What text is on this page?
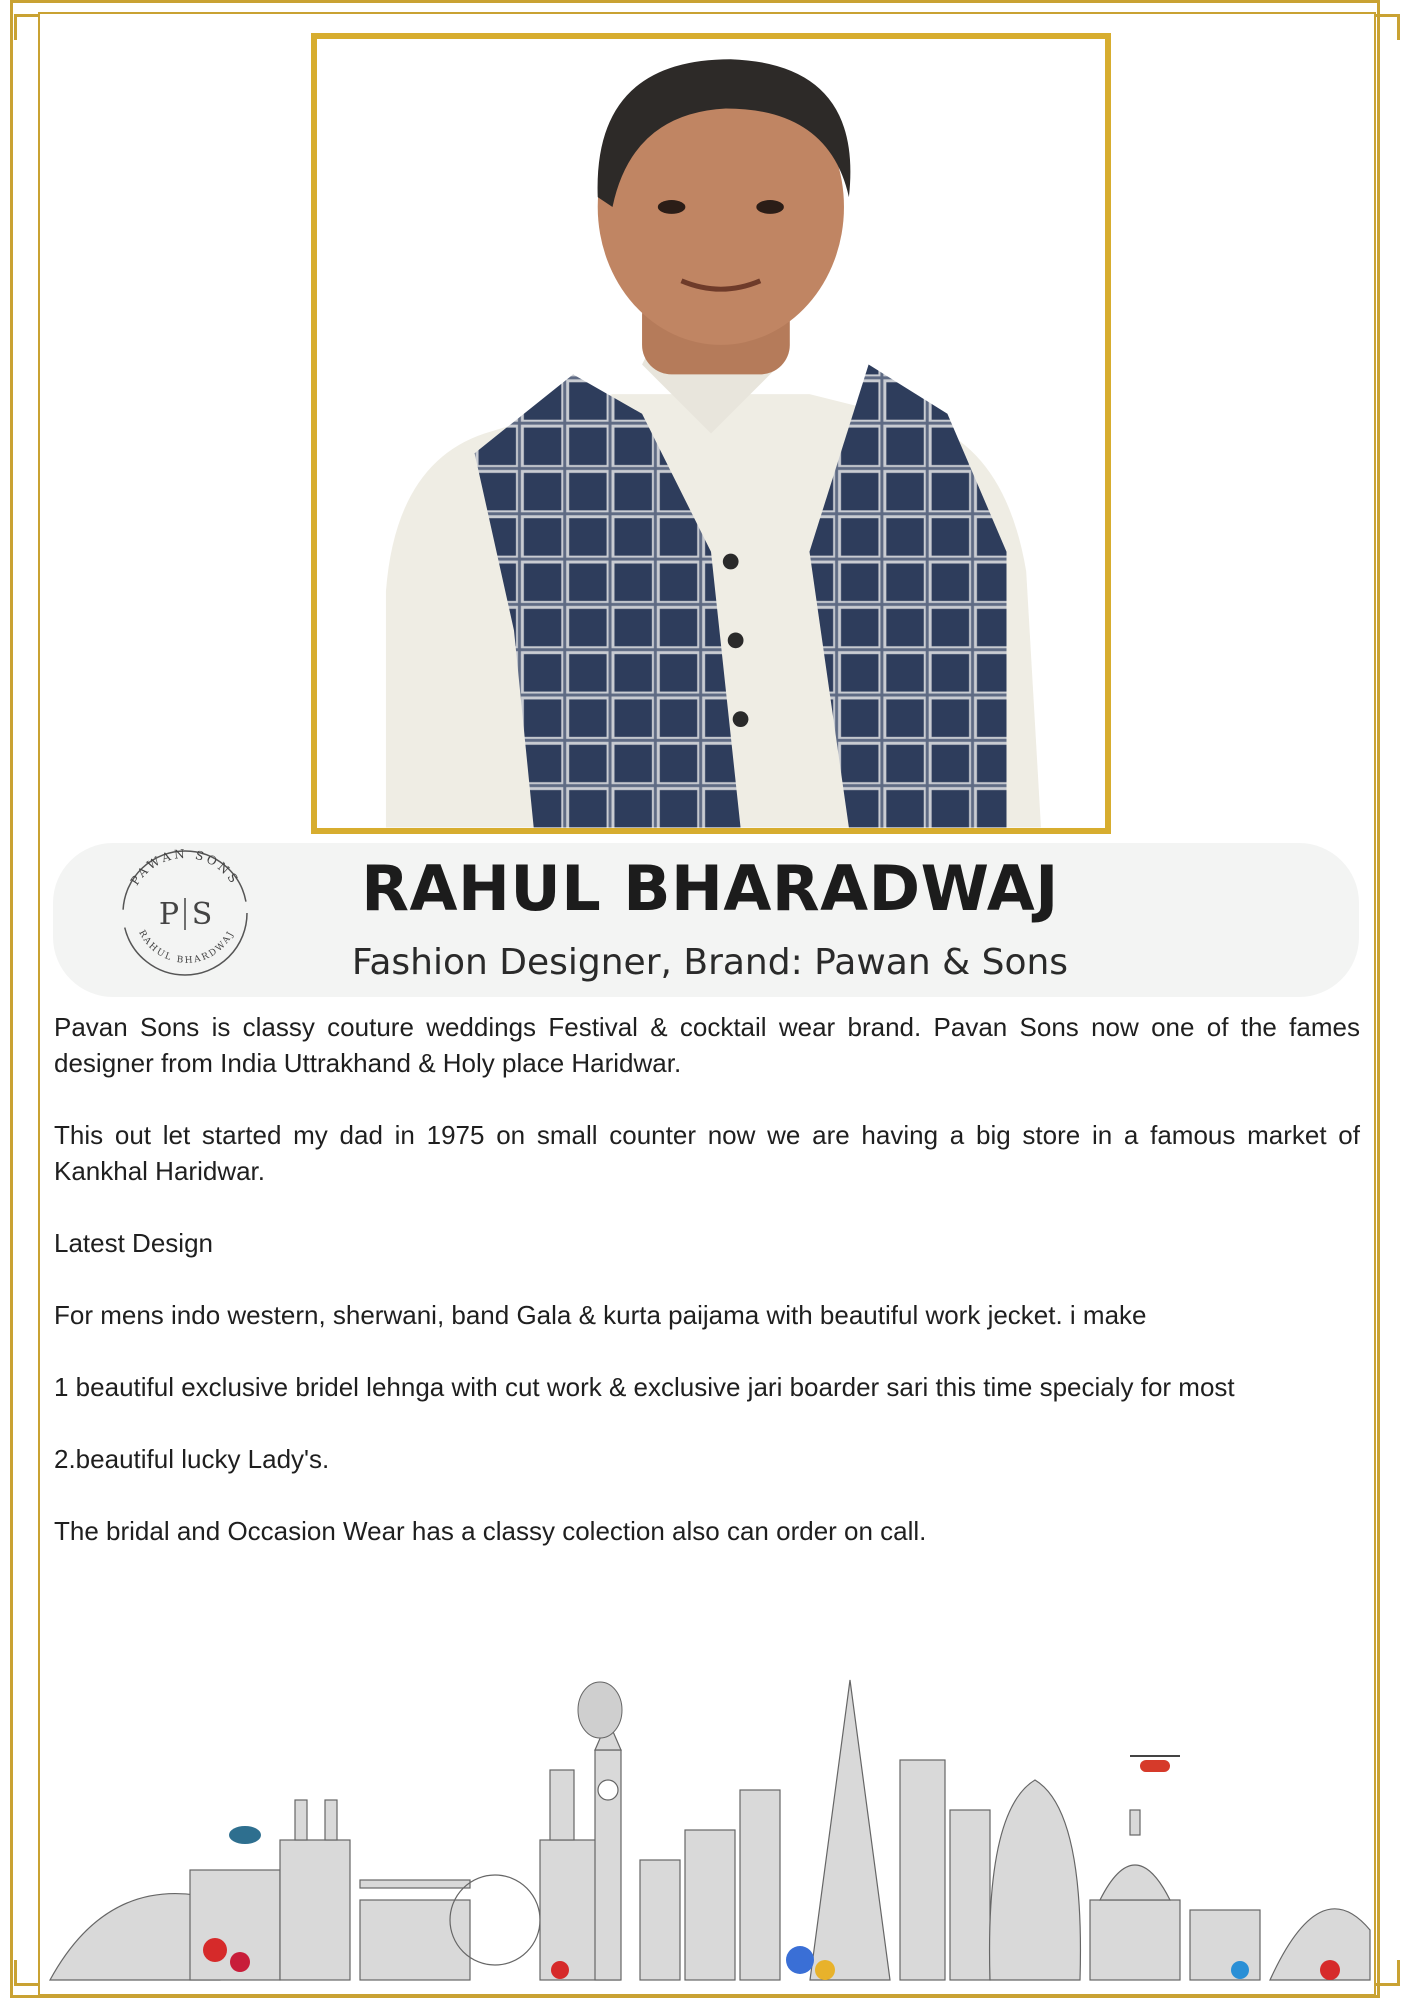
PAWAN SONS
RAHUL BHARDWAJ
P S	RAHUL BHARADWAJ

Fashion Designer, Brand: Pawan & Sons

Pavan Sons is classy couture weddings Festival & cocktail wear brand. Pavan Sons now one of the fames designer from India Uttrakhand & Holy place Haridwar.

This out let started my dad in 1975 on small counter now we are having a big store in a famous market of Kankhal Haridwar.

Latest Design

For mens indo western, sherwani, band Gala & kurta paijama with beautiful work jecket. i make

1 beautiful exclusive bridel lehnga with cut work & exclusive jari boarder sari this time specialy for most

2.beautiful lucky Lady's.

The bridal and Occasion Wear has a classy colection also can order on call.
